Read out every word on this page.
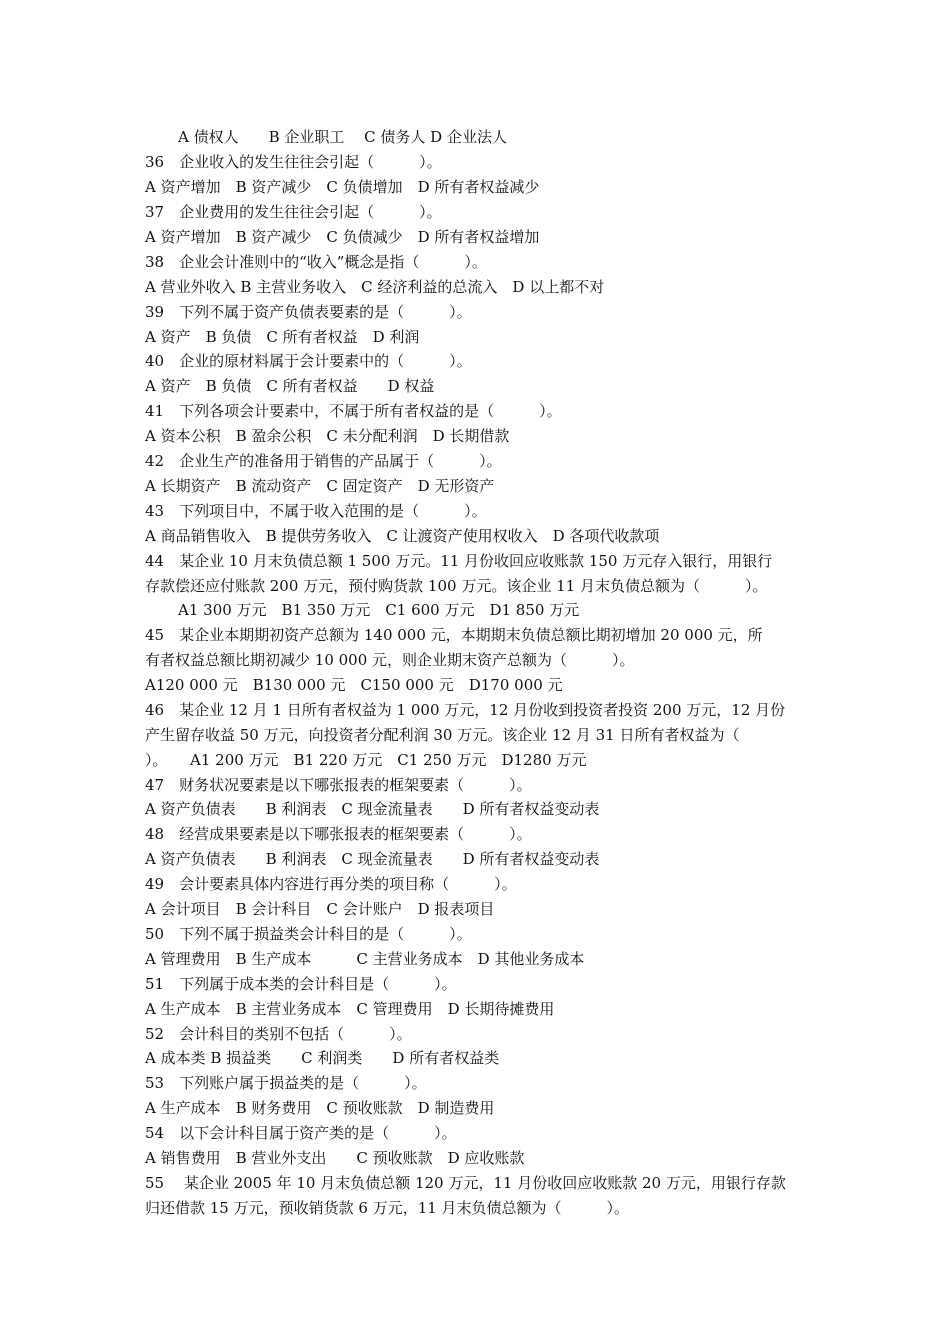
A 债权人　　B 企业职工　 C 债务人 D 企业法人

36　企业收入的发生往往会引起（　　　）。

A 资产增加　B 资产减少　C 负债增加　D 所有者权益减少

37　企业费用的发生往往会引起（　　　）。

A 资产增加　B 资产减少　C 负债减少　D 所有者权益增加

38　企业会计准则中的“收入”概念是指（　　　）。

A 营业外收入 B 主营业务收入　C 经济利益的总流入　D 以上都不对

39　下列不属于资产负债表要素的是（　　　）。

A 资产　B 负债　C 所有者权益　D 利润

40　企业的原材料属于会计要素中的（　　　）。

A 资产　B 负债　C 所有者权益　　D 权益

41　下列各项会计要素中，不属于所有者权益的是（　　　）。

A 资本公积　B 盈余公积　C 未分配利润　D 长期借款

42　企业生产的准备用于销售的产品属于（　　　）。

A 长期资产　B 流动资产　C 固定资产　D 无形资产

43　下列项目中，不属于收入范围的是（　　　）。

A 商品销售收入　B 提供劳务收入　C 让渡资产使用权收入　D 各项代收款项

44　某企业 10 月末负债总额 1 500 万元。11 月份收回应收账款 150 万元存入银行，用银行

存款偿还应付账款 200 万元，预付购货款 100 万元。该企业 11 月末负债总额为（　　　）。

A1 300 万元　B1 350 万元　C1 600 万元　D1 850 万元

45　某企业本期期初资产总额为 140 000 元，本期期末负债总额比期初增加 20 000 元，所

有者权益总额比期初减少 10 000 元，则企业期末资产总额为（　　　）。

A120 000 元　B130 000 元　C150 000 元　D170 000 元

46　某企业 12 月 1 日所有者权益为 1 000 万元，12 月份收到投资者投资 200 万元，12 月份

产生留存收益 50 万元，向投资者分配利润 30 万元。该企业 12 月 31 日所有者权益为（

）。　　A1 200 万元　B1 220 万元　C1 250 万元　D1280 万元

47　财务状况要素是以下哪张报表的框架要素（　　　）。

A 资产负债表　　B 利润表　C 现金流量表　　D 所有者权益变动表

48　经营成果要素是以下哪张报表的框架要素（　　　）。

A 资产负债表　　B 利润表　C 现金流量表　　D 所有者权益变动表

49　会计要素具体内容进行再分类的项目称（　　　）。

A 会计项目　B 会计科目　C 会计账户　D 报表项目

50　下列不属于损益类会计科目的是（　　　）。

A 管理费用　B 生产成本　　　C 主营业务成本　D 其他业务成本

51　下列属于成本类的会计科目是（　　　）。

A 生产成本　B 主营业务成本　C 管理费用　D 长期待摊费用

52　会计科目的类别不包括（　　　）。

A 成本类 B 损益类　　C 利润类　　D 所有者权益类

53　下列账户属于损益类的是（　　　）。

A 生产成本　B 财务费用　C 预收账款　D 制造费用

54　以下会计科目属于资产类的是（　　　）。

A 销售费用　B 营业外支出　　C 预收账款　D 应收账款

55　 某企业 2005 年 10 月末负债总额 120 万元，11 月份收回应收账款 20 万元，用银行存款

归还借款 15 万元，预收销货款 6 万元，11 月末负债总额为（　　　）。
